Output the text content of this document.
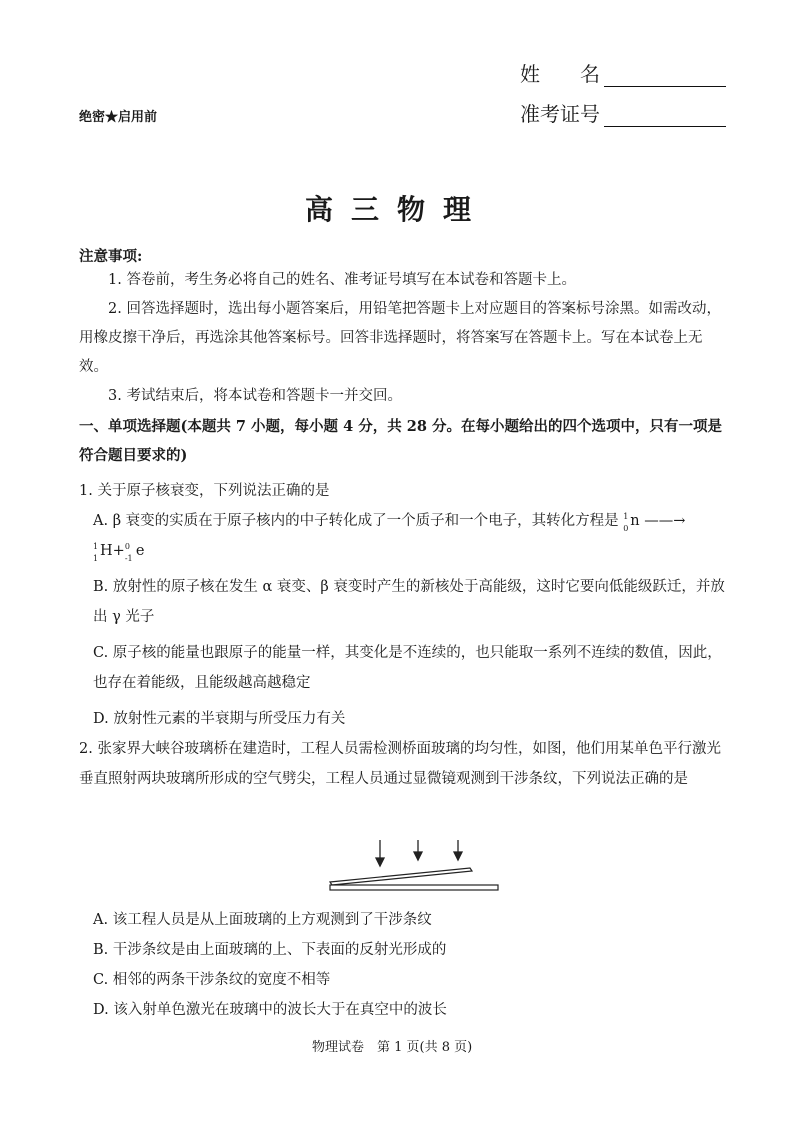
姓　　名
准考证号
绝密★启用前
高三物理
注意事项:
1. 答卷前，考生务必将自己的姓名、准考证号填写在本试卷和答题卡上。
2. 回答选择题时，选出每小题答案后，用铅笔把答题卡上对应题目的答案标号涂黑。如需改动，用橡皮擦干净后，再选涂其他答案标号。回答非选择题时，将答案写在答题卡上。写在本试卷上无效。
3. 考试结束后，将本试卷和答题卡一并交回。
一、单项选择题(本题共 7 小题，每小题 4 分，共 28 分。在每小题给出的四个选项中，只有一项是符合题目要求的)
1. 关于原子核衰变，下列说法正确的是
A. β 衰变的实质在于原子核内的中子转化成了一个质子和一个电子，其转化方程是 1
0 n ——→

1
1 H+ 0
-1 e
B. 放射性的原子核在发生 α 衰变、β 衰变时产生的新核处于高能级，这时它要向低能级跃迁，并放出 γ 光子
C. 原子核的能量也跟原子的能量一样，其变化是不连续的，也只能取一系列不连续的数值，因此，也存在着能级，且能级越高越稳定
D. 放射性元素的半衰期与所受压力有关
2. 张家界大峡谷玻璃桥在建造时，工程人员需检测桥面玻璃的均匀性，如图，他们用某单色平行激光垂直照射两块玻璃所形成的空气劈尖，工程人员通过显微镜观测到干涉条纹，下列说法正确的是
A. 该工程人员是从上面玻璃的上方观测到了干涉条纹
B. 干涉条纹是由上面玻璃的上、下表面的反射光形成的
C. 相邻的两条干涉条纹的宽度不相等
D. 该入射单色激光在玻璃中的波长大于在真空中的波长
物理试卷　第 1 页(共 8 页)
